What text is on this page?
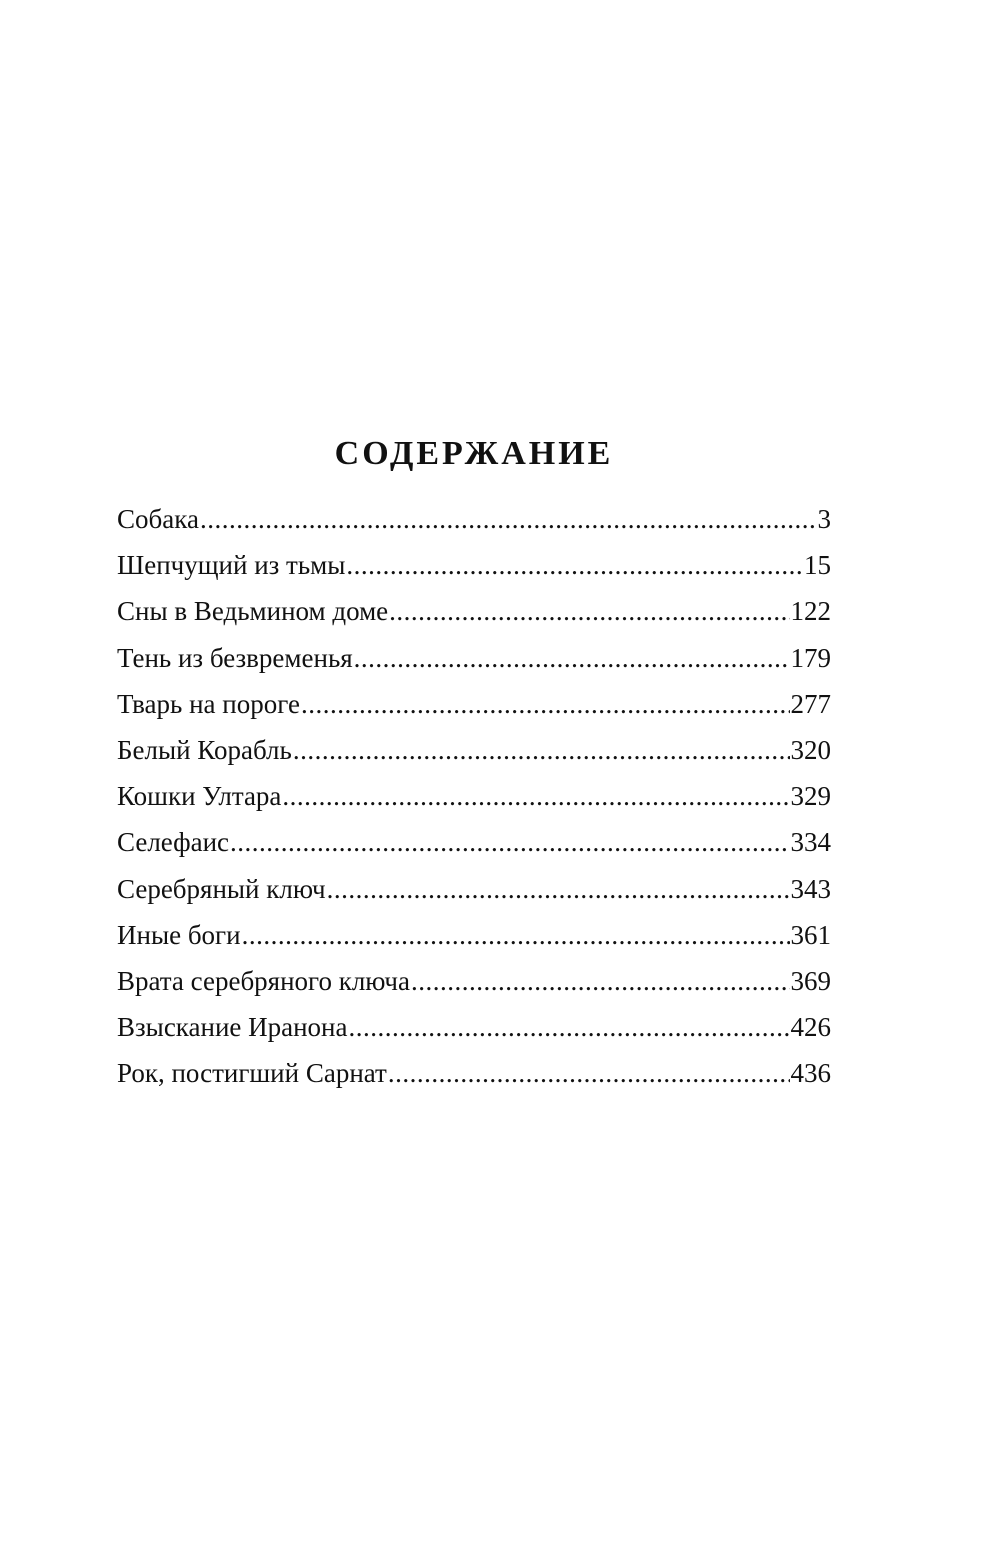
СОДЕРЖАНИЕ
Собака .....	3
Шепчущий из тьмы .....	15
Сны в Ведьмином доме .....	122
Тень из безвременья .....	179
Тварь на пороге .....	277
Белый Корабль .....	320
Кошки Ултара .....	329
Селефаис .....	334
Серебряный ключ .....	343
Иные боги .....	361
Врата серебряного ключа .....	369
Взыскание Иранона .....	426
Рок, постигший Сарнат .....	436
